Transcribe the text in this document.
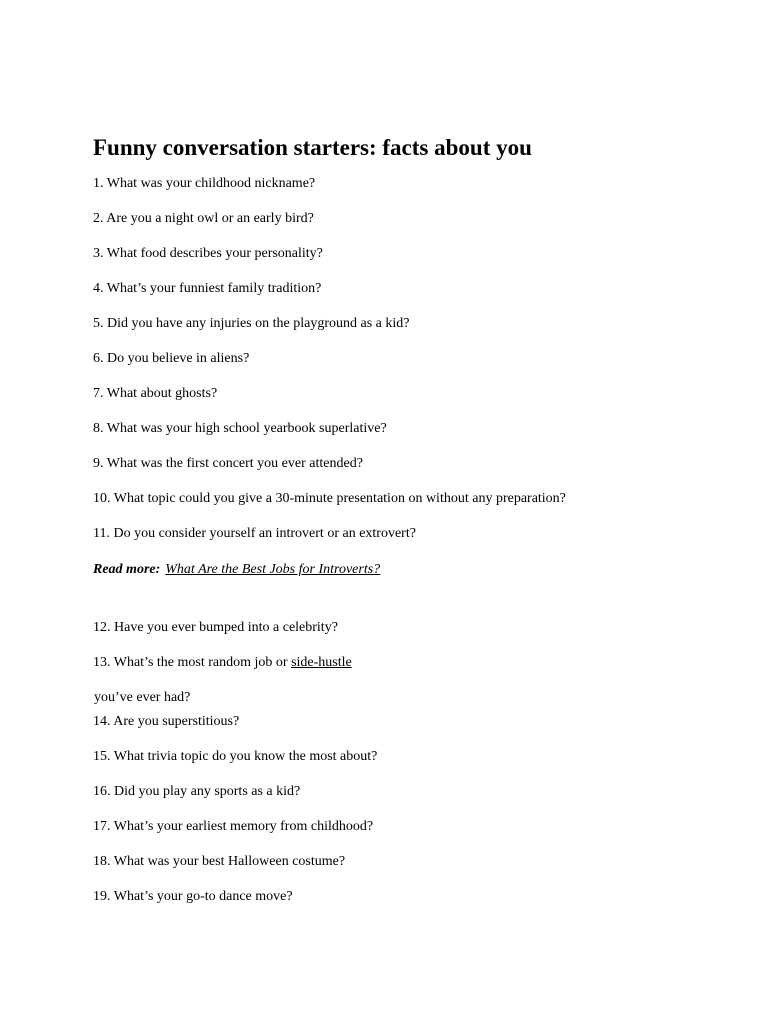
Funny conversation starters: facts about you

1. What was your childhood nickname?

2. Are you a night owl or an early bird?

3. What food describes your personality?

4. What’s your funniest family tradition?

5. Did you have any injuries on the playground as a kid?

6. Do you believe in aliens?

7. What about ghosts?

8. What was your high school yearbook superlative?

9. What was the first concert you ever attended?

10. What topic could you give a 30-minute presentation on without any preparation?

11. Do you consider yourself an introvert or an extrovert?

Read more: What Are the Best Jobs for Introverts?

12. Have you ever bumped into a celebrity?

13. What’s the most random job or side-hustle

you’ve ever had?

14. Are you superstitious?

15. What trivia topic do you know the most about?

16. Did you play any sports as a kid?

17. What’s your earliest memory from childhood?

18. What was your best Halloween costume?

19. What’s your go-to dance move?
